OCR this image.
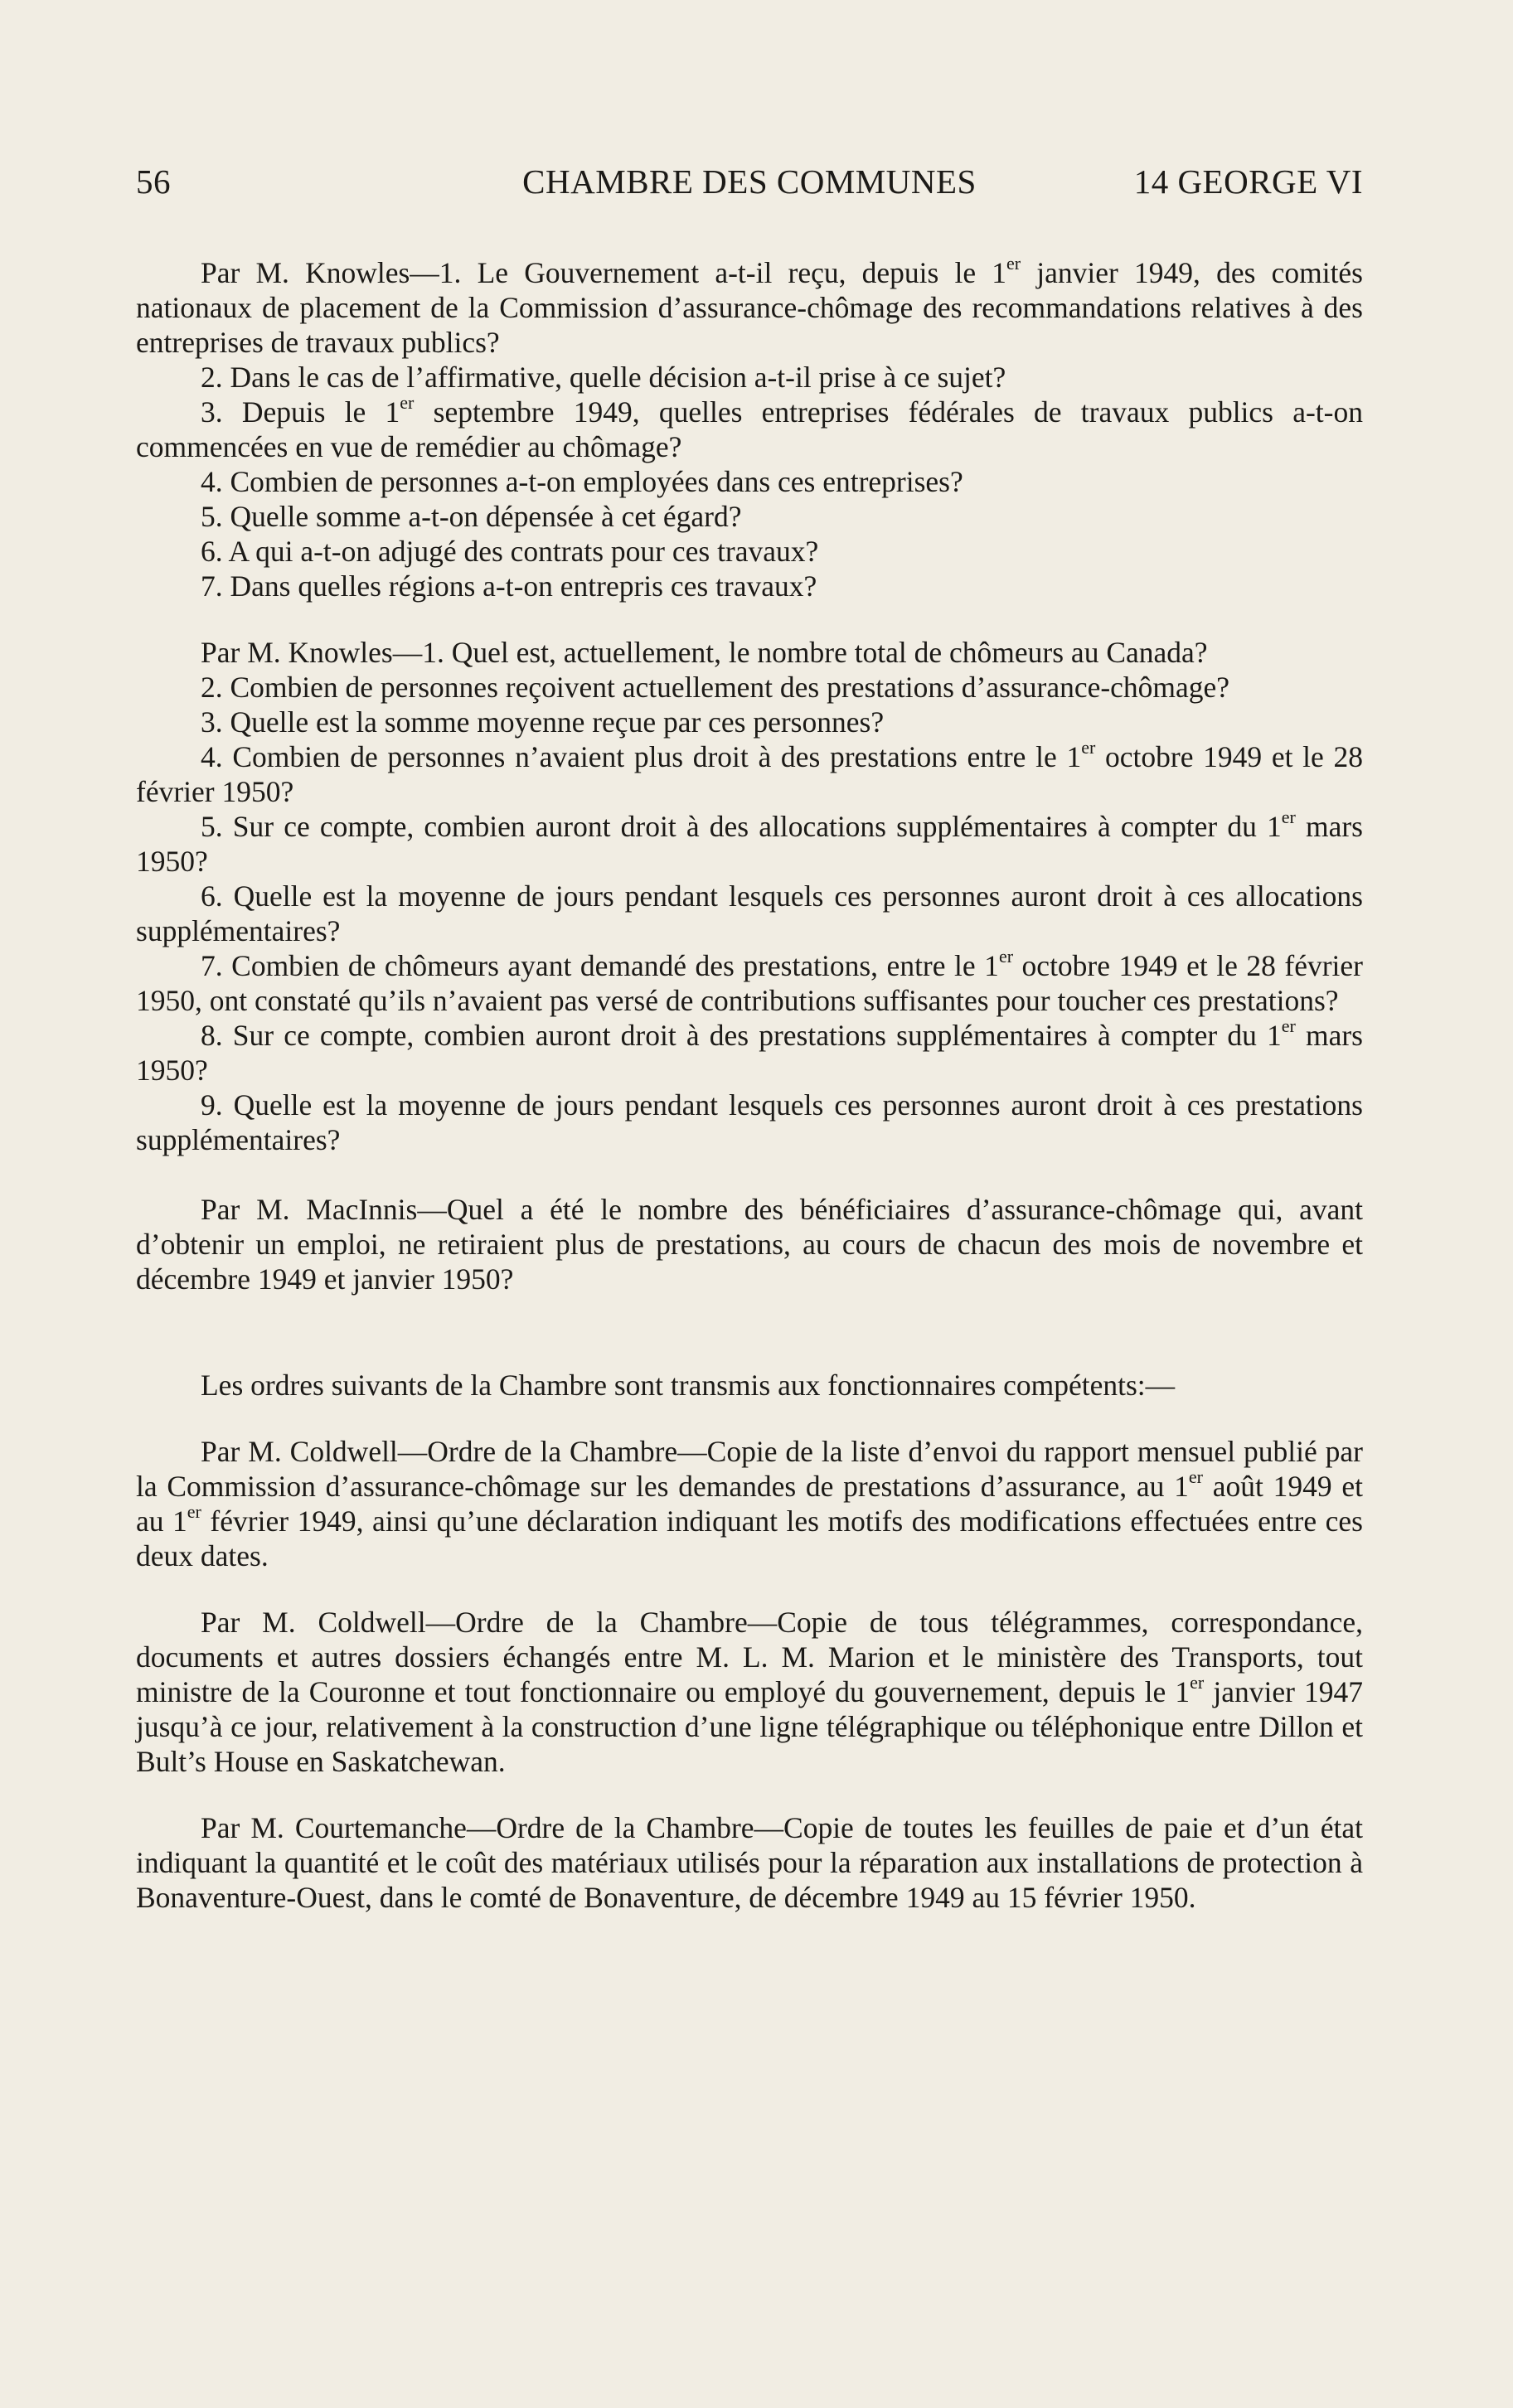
56	CHAMBRE DES COMMUNES	14 GEORGE VI

Par M. Knowles—1. Le Gouvernement a-t-il reçu, depuis le 1er janvier 1949, des comités nationaux de placement de la Commission d’assurance-chômage des recommandations relatives à des entreprises de travaux publics?

2. Dans le cas de l’affirmative, quelle décision a-t-il prise à ce sujet?

3. Depuis le 1er septembre 1949, quelles entreprises fédérales de travaux publics a-t-on commencées en vue de remédier au chômage?

4. Combien de personnes a-t-on employées dans ces entreprises?

5. Quelle somme a-t-on dépensée à cet égard?

6. A qui a-t-on adjugé des contrats pour ces travaux?

7. Dans quelles régions a-t-on entrepris ces travaux?

Par M. Knowles—1. Quel est, actuellement, le nombre total de chômeurs au Canada?

2. Combien de personnes reçoivent actuellement des prestations d’assurance-chômage?

3. Quelle est la somme moyenne reçue par ces personnes?

4. Combien de personnes n’avaient plus droit à des prestations entre le 1er octobre 1949 et le 28 février 1950?

5. Sur ce compte, combien auront droit à des allocations supplémentaires à compter du 1er mars 1950?

6. Quelle est la moyenne de jours pendant lesquels ces personnes auront droit à ces allocations supplémentaires?

7. Combien de chômeurs ayant demandé des prestations, entre le 1er octobre 1949 et le 28 février 1950, ont constaté qu’ils n’avaient pas versé de contributions suffisantes pour toucher ces prestations?

8. Sur ce compte, combien auront droit à des prestations supplémentaires à compter du 1er mars 1950?

9. Quelle est la moyenne de jours pendant lesquels ces personnes auront droit à ces prestations supplémentaires?

Par M. MacInnis—Quel a été le nombre des bénéficiaires d’assurance-chômage qui, avant d’obtenir un emploi, ne retiraient plus de prestations, au cours de chacun des mois de novembre et décembre 1949 et janvier 1950?

Les ordres suivants de la Chambre sont transmis aux fonctionnaires compétents:—

Par M. Coldwell—Ordre de la Chambre—Copie de la liste d’envoi du rapport mensuel publié par la Commission d’assurance-chômage sur les demandes de prestations d’assurance, au 1er août 1949 et au 1er février 1949, ainsi qu’une déclaration indiquant les motifs des modifications effectuées entre ces deux dates.

Par M. Coldwell—Ordre de la Chambre—Copie de tous télégrammes, correspondance, documents et autres dossiers échangés entre M. L. M. Marion et le ministère des Transports, tout ministre de la Couronne et tout fonctionnaire ou employé du gouvernement, depuis le 1er janvier 1947 jusqu’à ce jour, relativement à la construction d’une ligne télégraphique ou téléphonique entre Dillon et Bult’s House en Saskatchewan.

Par M. Courtemanche—Ordre de la Chambre—Copie de toutes les feuilles de paie et d’un état indiquant la quantité et le coût des matériaux utilisés pour la réparation aux installations de protection à Bonaventure-Ouest, dans le comté de Bonaventure, de décembre 1949 au 15 février 1950.
